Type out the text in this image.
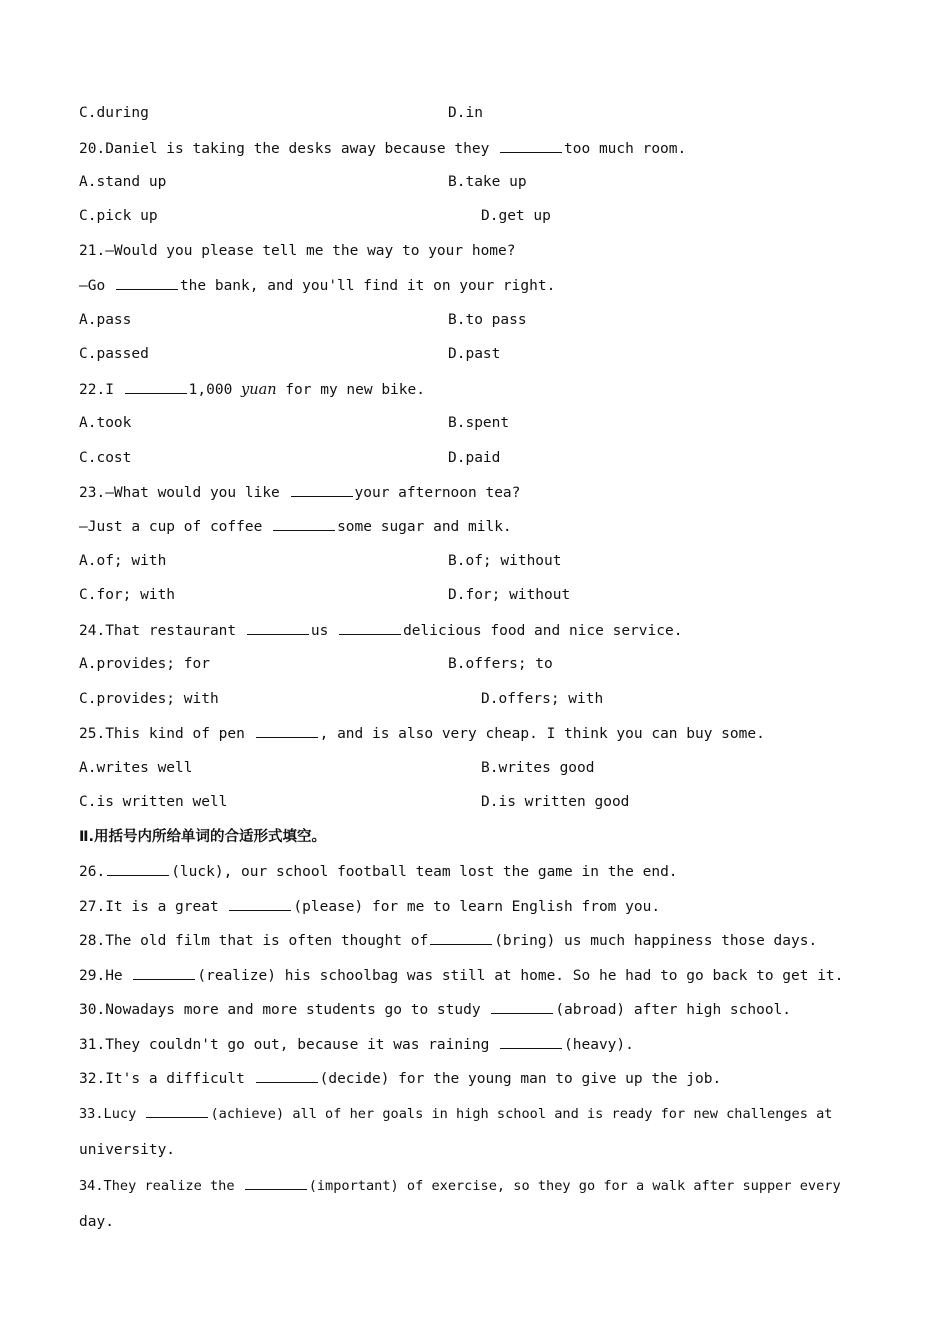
C.during	D.in
20.Daniel is taking the desks away because they	too much room.
A.stand up	B.take up
C.pick up	D.get up
21.—Would you please tell me the way to your home?
—Go	the bank, and you'll find it on your right.
A.pass	B.to pass
C.passed	D.past
22.I	1,000 yuan for my new bike.
A.took	B.spent
C.cost	D.paid
23.—What would you like	your afternoon tea?
—Just a cup of coffee	some sugar and milk.
A.of; with	B.of; without
C.for; with	D.for; without
24.That restaurant	us	delicious food and nice service.
A.provides; for	B.offers; to
C.provides; with	D.offers; with
25.This kind of pen	, and is also very cheap. I think you can buy some.
A.writes well	B.writes good
C.is written well	D.is written good
Ⅱ.用括号内所给单词的合适形式填空。
26.	(luck), our school football team lost the game in the end.
27.It is a great	(please) for me to learn English from you.
28.The old film that is often thought of	(bring) us much happiness those days.
29.He	(realize) his schoolbag was still at home. So he had to go back to get it.
30.Nowadays more and more students go to study	(abroad) after high school.
31.They couldn't go out, because it was raining	(heavy).
32.It's a difficult	(decide) for the young man to give up the job.
33.Lucy	(achieve) all of her goals in high school and is ready for new challenges at
university.
34.They realize the	(important) of exercise, so they go for a walk after supper every
day.
